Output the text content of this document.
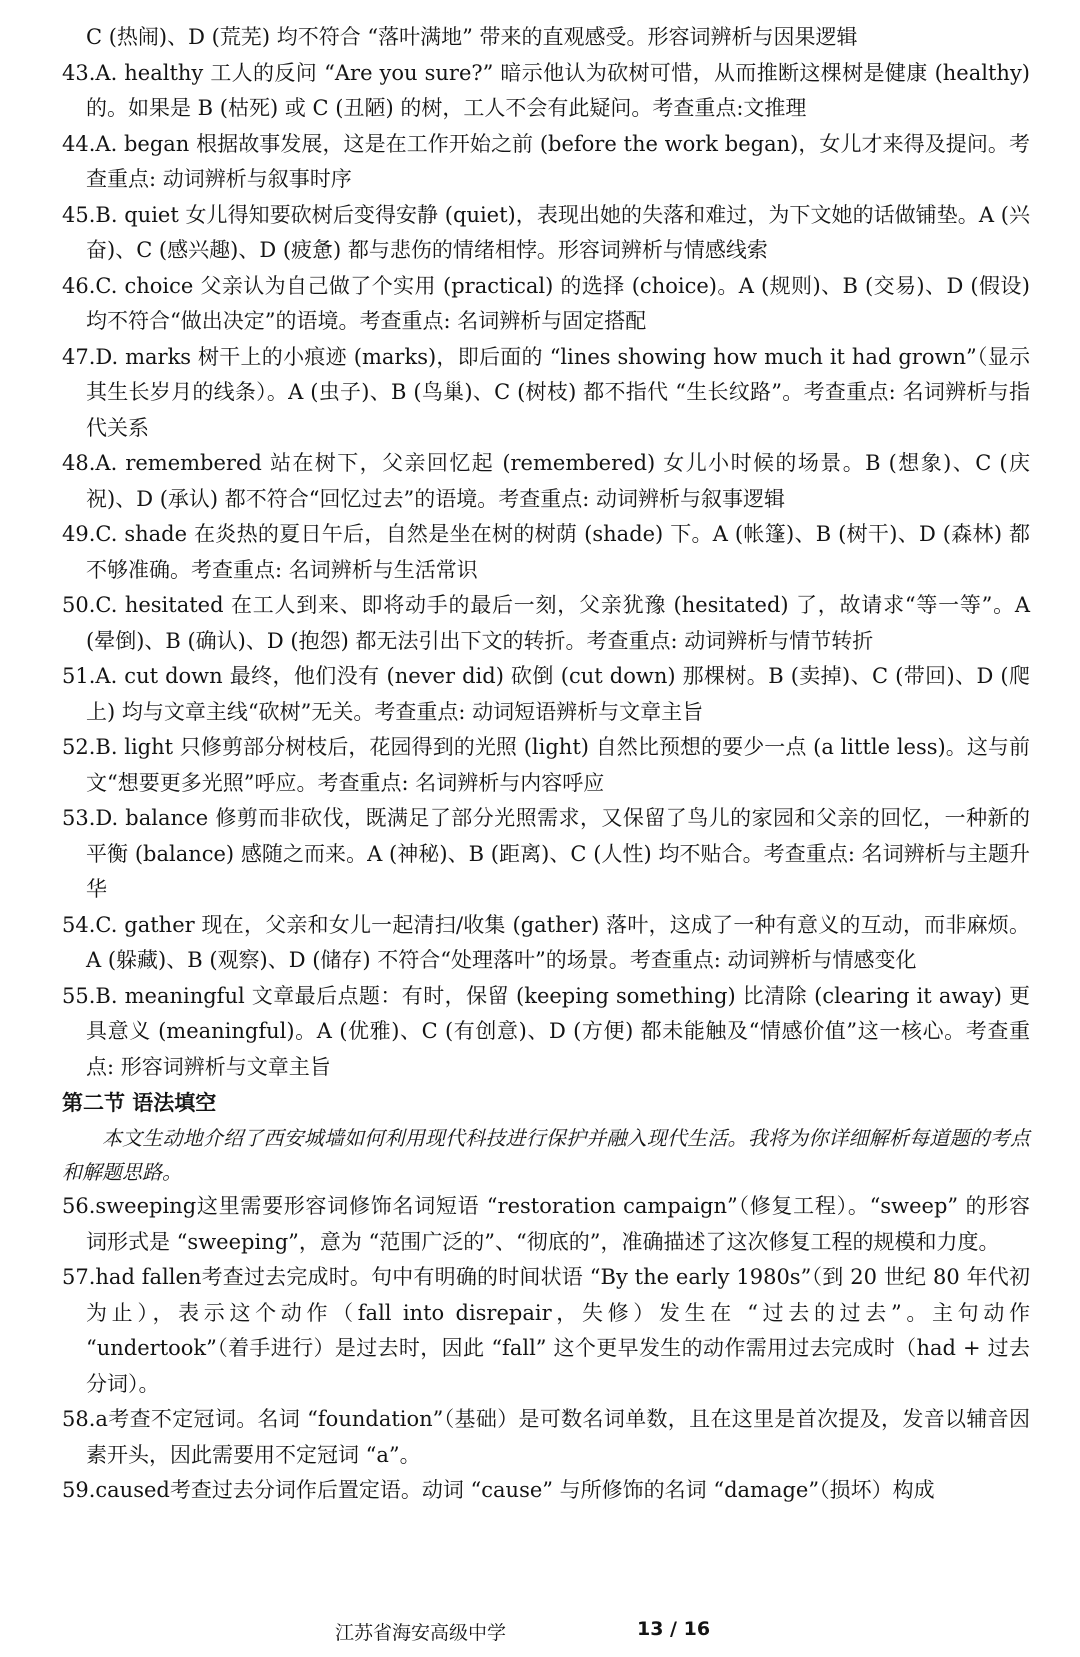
C (热闹)、D (荒芜) 均不符合 “落叶满地” 带来的直观感受。形容词辨析与因果逻辑

43.A. healthy 工人的反问 “Are you sure?” 暗示他认为砍树可惜，从而推断这棵树是健康 (healthy) 的。如果是 B (枯死) 或 C (丑陋) 的树，工人不会有此疑问。考查重点:文推理

44.A. began 根据故事发展，这是在工作开始之前 (before the work began)，女儿才来得及提问。考查重点: 动词辨析与叙事时序

45.B. quiet 女儿得知要砍树后变得安静 (quiet)，表现出她的失落和难过，为下文她的话做铺垫。A (兴奋)、C (感兴趣)、D (疲惫) 都与悲伤的情绪相悖。形容词辨析与情感线索

46.C. choice 父亲认为自己做了个实用 (practical) 的选择 (choice)。A (规则)、B (交易)、D (假设) 均不符合“做出决定”的语境。考查重点: 名词辨析与固定搭配

47.D. marks 树干上的小痕迹 (marks)，即后面的 “lines showing how much it had grown”（显示其生长岁月的线条）。A (虫子)、B (鸟巢)、C (树枝) 都不指代 “生长纹路”。考查重点: 名词辨析与指代关系

48.A. remembered 站在树下，父亲回忆起 (remembered) 女儿小时候的场景。B (想象)、C (庆祝)、D (承认) 都不符合“回忆过去”的语境。考查重点: 动词辨析与叙事逻辑

49.C. shade 在炎热的夏日午后，自然是坐在树的树荫 (shade) 下。A (帐篷)、B (树干)、D (森林) 都不够准确。考查重点: 名词辨析与生活常识

50.C. hesitated 在工人到来、即将动手的最后一刻，父亲犹豫 (hesitated) 了，故请求“等一等”。A (晕倒)、B (确认)、D (抱怨) 都无法引出下文的转折。考查重点: 动词辨析与情节转折

51.A. cut down 最终，他们没有 (never did) 砍倒 (cut down) 那棵树。B (卖掉)、C (带回)、D (爬上) 均与文章主线“砍树”无关。考查重点: 动词短语辨析与文章主旨

52.B. light 只修剪部分树枝后，花园得到的光照 (light) 自然比预想的要少一点 (a little less)。这与前文“想要更多光照”呼应。考查重点: 名词辨析与内容呼应

53.D. balance 修剪而非砍伐，既满足了部分光照需求，又保留了鸟儿的家园和父亲的回忆，一种新的平衡 (balance) 感随之而来。A (神秘)、B (距离)、C (人性) 均不贴合。考查重点: 名词辨析与主题升华

54.C. gather 现在，父亲和女儿一起清扫/收集 (gather) 落叶，这成了一种有意义的互动，而非麻烦。A (躲藏)、B (观察)、D (储存) 不符合“处理落叶”的场景。考查重点: 动词辨析与情感变化

55.B. meaningful 文章最后点题：有时，保留 (keeping something) 比清除 (clearing it away) 更具意义 (meaningful)。A (优雅)、C (有创意)、D (方便) 都未能触及“情感价值”这一核心。考查重点: 形容词辨析与文章主旨

第二节 语法填空

本文生动地介绍了西安城墙如何利用现代科技进行保护并融入现代生活。我将为你详细解析每道题的考点和解题思路。

56.sweeping这里需要形容词修饰名词短语 “restoration campaign”（修复工程）。“sweep” 的形容词形式是 “sweeping”，意为 “范围广泛的”、“彻底的”，准确描述了这次修复工程的规模和力度。

57.had fallen考查过去完成时。句中有明确的时间状语 “By the early 1980s”（到 20 世纪 80 年代初为止），表示这个动作（fall into disrepair，失修）发生在 “过去的过去”。主句动作 “undertook”（着手进行）是过去时，因此 “fall” 这个更早发生的动作需用过去完成时（had + 过去分词）。

58.a考查不定冠词。名词 “foundation”（基础）是可数名词单数，且在这里是首次提及，发音以辅音因素开头，因此需要用不定冠词 “a”。

59.caused考查过去分词作后置定语。动词 “cause” 与所修饰的名词 “damage”（损坏）构成

江苏省海安高级中学	13 / 16
